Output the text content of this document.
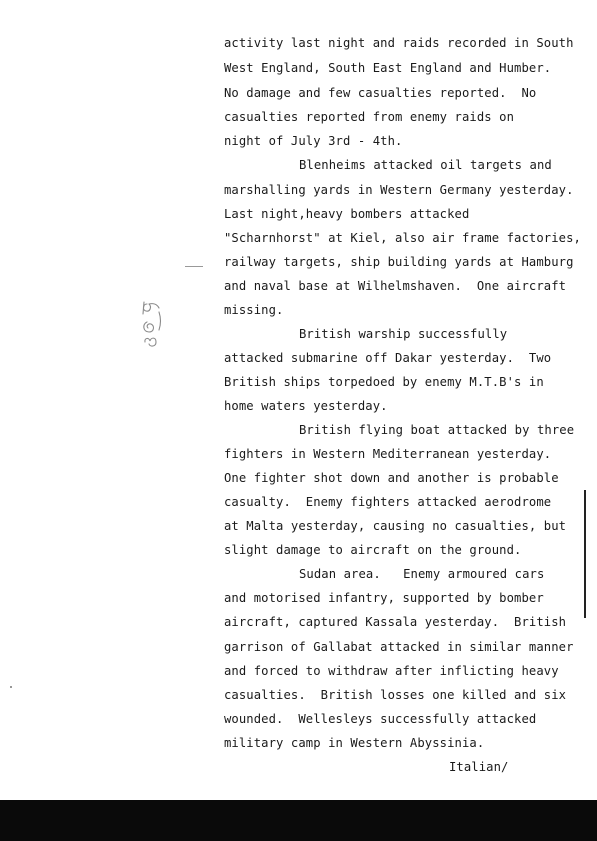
activity last night and raids recorded in South
West England, South East England and Humber.
No damage and few casualties reported.  No
casualties reported from enemy raids on
night of July 3rd - 4th.
Blenheims attacked oil targets and
marshalling yards in Western Germany yesterday.
Last night,heavy bombers attacked
"Scharnhorst" at Kiel, also air frame factories,
railway targets, ship building yards at Hamburg
and naval base at Wilhelmshaven.  One aircraft
missing.
British warship successfully
attacked submarine off Dakar yesterday.  Two
British ships torpedoed by enemy M.T.B's in
home waters yesterday.
British flying boat attacked by three
fighters in Western Mediterranean yesterday.
One fighter shot down and another is probable
casualty.  Enemy fighters attacked aerodrome
at Malta yesterday, causing no casualties, but
slight damage to aircraft on the ground.
Sudan area.   Enemy armoured cars
and motorised infantry, supported by bomber
aircraft, captured Kassala yesterday.  British
garrison of Gallabat attacked in similar manner
and forced to withdraw after inflicting heavy
casualties.  British losses one killed and six
wounded.  Wellesleys successfully attacked
military camp in Western Abyssinia.
Italian/
